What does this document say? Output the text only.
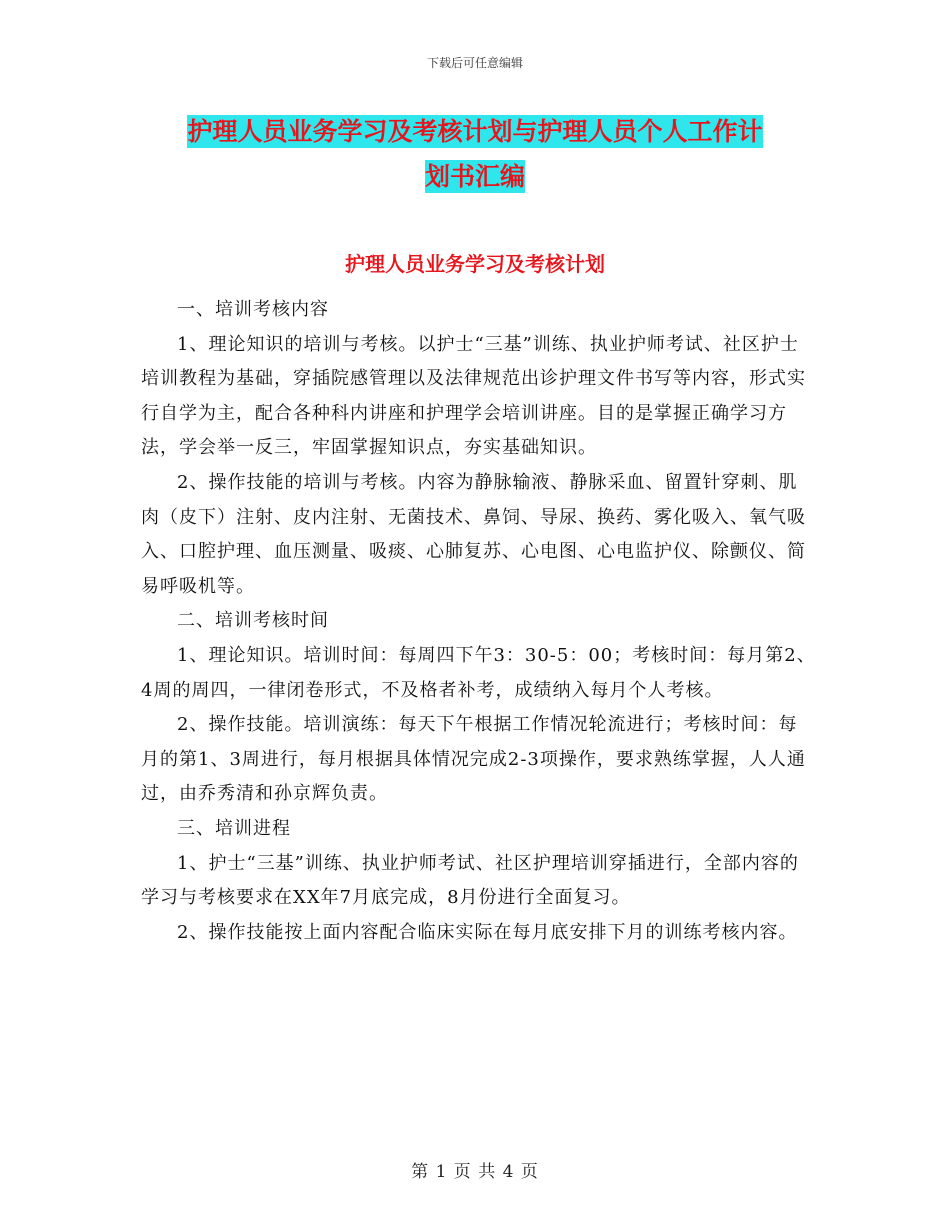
下载后可任意编辑
护理人员业务学习及考核计划与护理人员个人工作计
划书汇编
护理人员业务学习及考核计划

一、培训考核内容

1、理论知识的培训与考核。以护士“三基”训练、执业护师考试、社区护士培训教程为基础，穿插院感管理以及法律规范出诊护理文件书写等内容，形式实行自学为主，配合各种科内讲座和护理学会培训讲座。目的是掌握正确学习方法，学会举一反三，牢固掌握知识点，夯实基础知识。

2、操作技能的培训与考核。内容为静脉输液、静脉采血、留置针穿刺、肌肉（皮下）注射、皮内注射、无菌技术、鼻饲、导尿、换药、雾化吸入、氧气吸入、口腔护理、血压测量、吸痰、心肺复苏、心电图、心电监护仪、除颤仪、简易呼吸机等。

二、培训考核时间

1、理论知识。培训时间：每周四下午3：30-5：00；考核时间：每月第2、4周的周四，一律闭卷形式，不及格者补考，成绩纳入每月个人考核。

2、操作技能。培训演练：每天下午根据工作情况轮流进行；考核时间：每月的第1、3周进行，每月根据具体情况完成2-3项操作，要求熟练掌握，人人通过，由乔秀清和孙京辉负责。

三、培训进程

1、护士“三基”训练、执业护师考试、社区护理培训穿插进行，全部内容的学习与考核要求在XX年7月底完成，8月份进行全面复习。

2、操作技能按上面内容配合临床实际在每月底安排下月的训练考核内容。

第 1 页 共 4 页
